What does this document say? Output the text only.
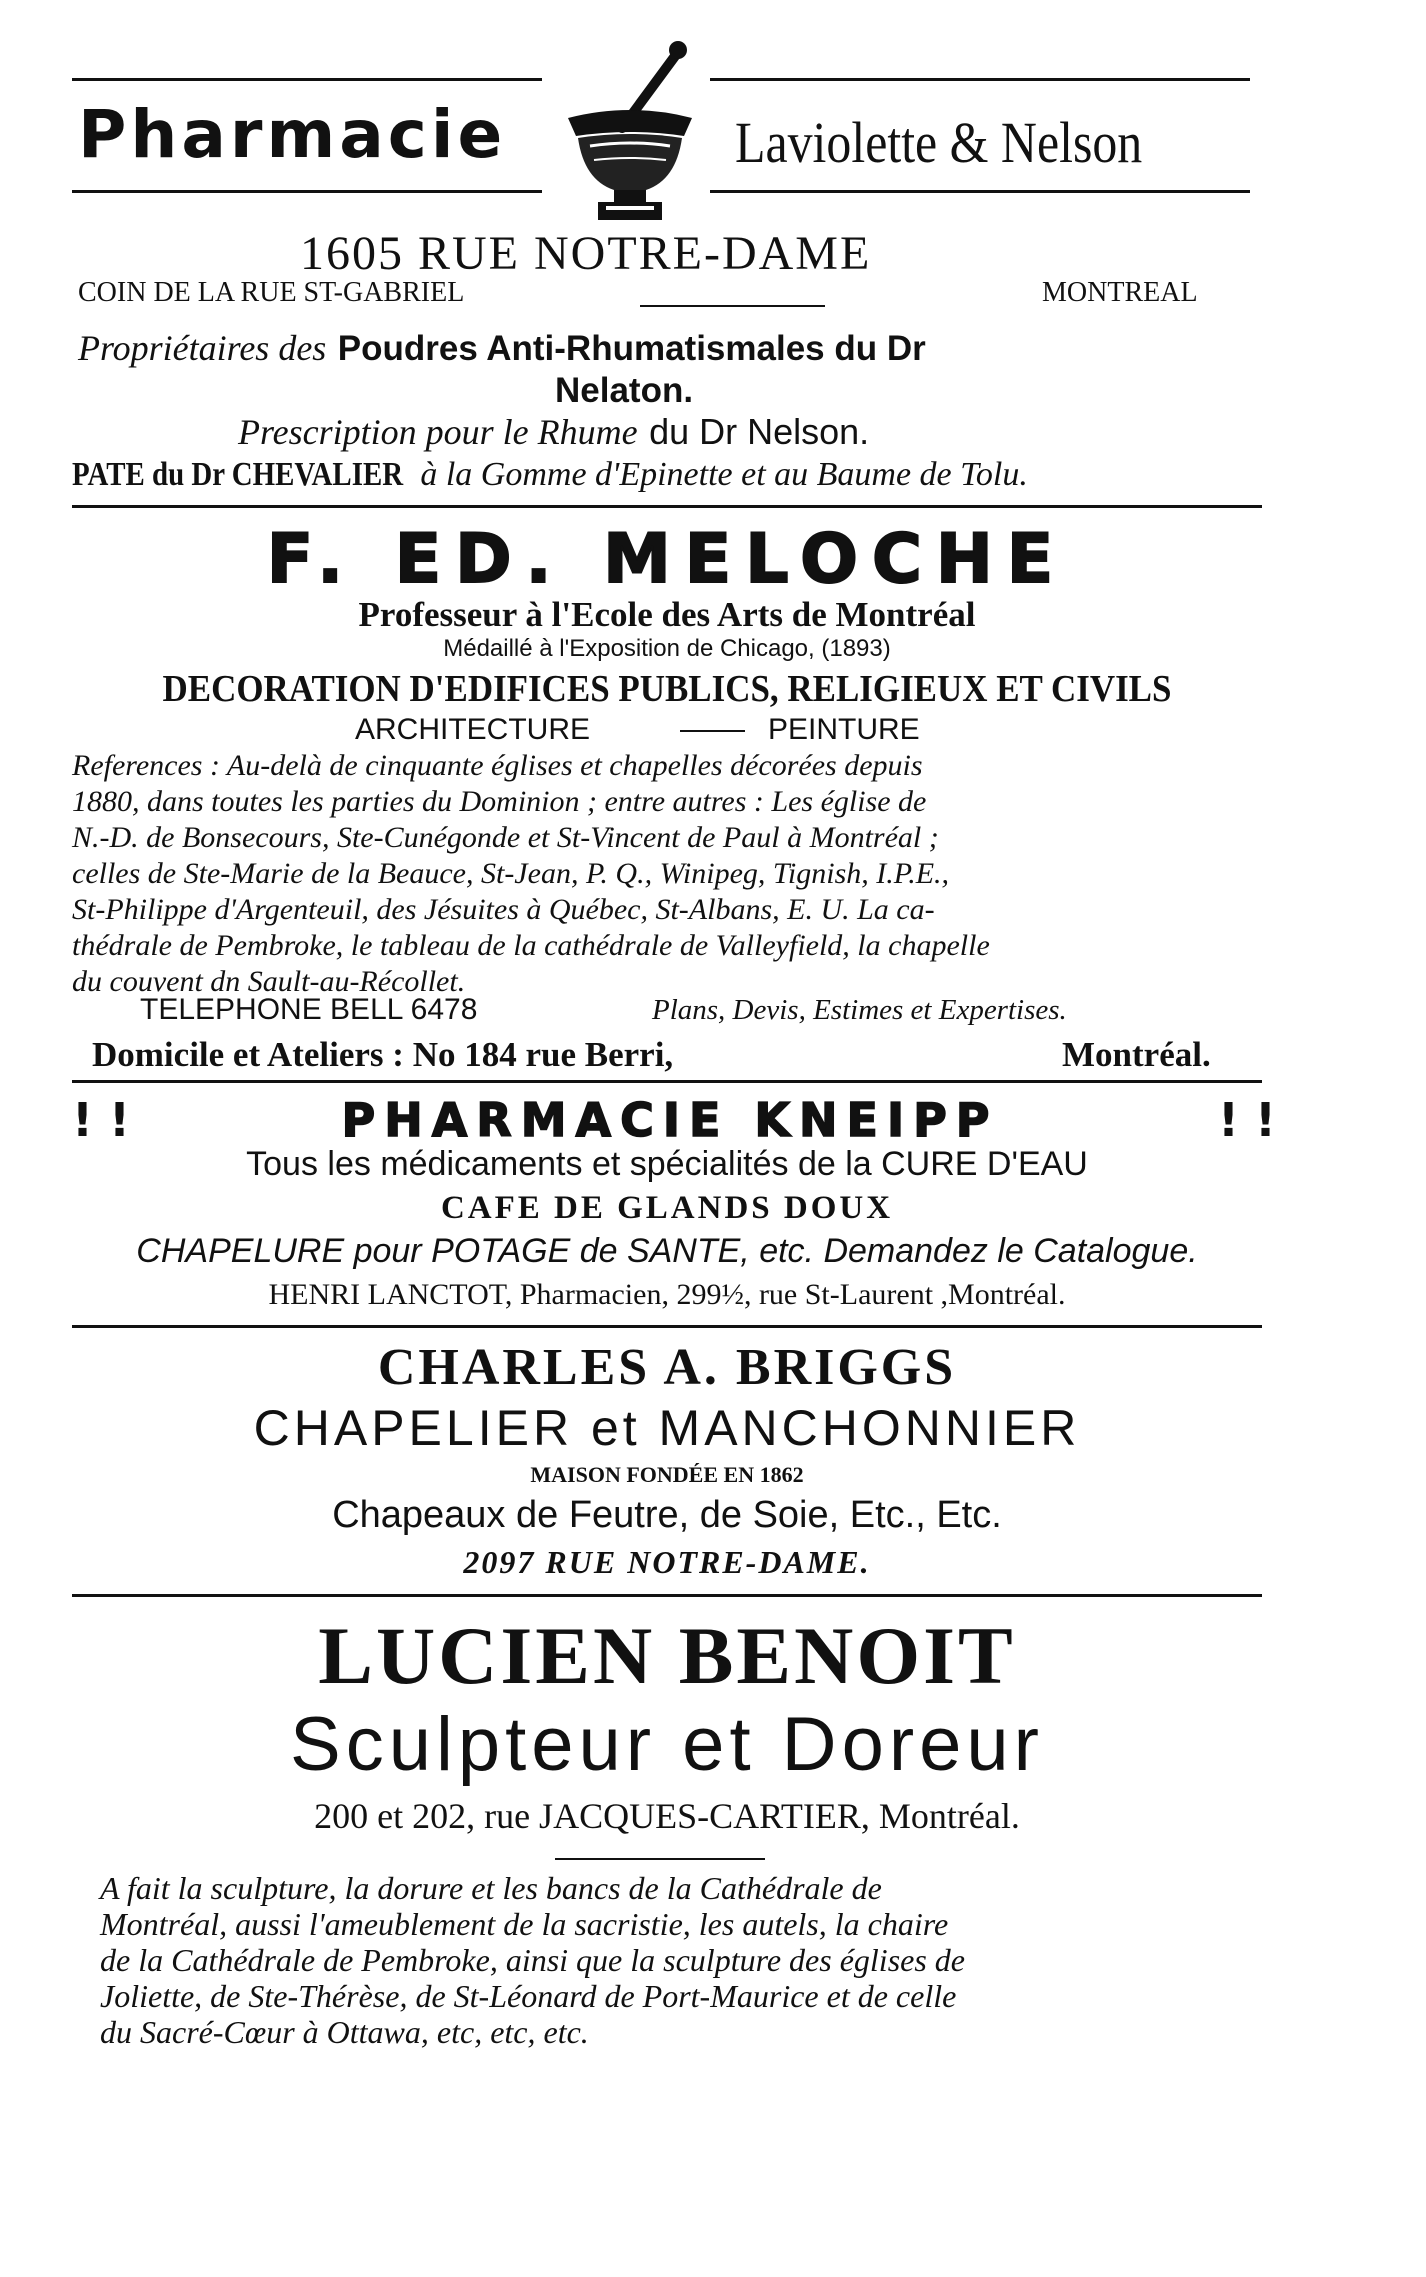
Pharmacie	Laviolette & Nelson
1605 RUE NOTRE-DAME
COIN DE LA RUE ST-GABRIEL	MONTREAL
Propriétaires des Poudres Anti-Rhumatismales du Dr
Nelaton.
Prescription pour le Rhume du Dr Nelson.
PATE du Dr CHEVALIER à la Gomme d'Epinette et au Baume de Tolu.
F. ED. MELOCHE
Professeur à l'Ecole des Arts de Montréal
Médaillé à l'Exposition de Chicago, (1893)
DECORATION D'EDIFICES PUBLICS, RELIGIEUX ET CIVILS
ARCHITECTURE	PEINTURE
References : Au-delà de cinquante églises et chapelles décorées depuis
1880, dans toutes les parties du Dominion ; entre autres : Les église de
N.-D. de Bonsecours, Ste-Cunégonde et St-Vincent de Paul à Montréal ;
celles de Ste-Marie de la Beauce, St-Jean, P. Q., Winipeg, Tignish, I.P.E.,
St-Philippe d'Argenteuil, des Jésuites à Québec, St-Albans, E. U. La ca-
thédrale de Pembroke, le tableau de la cathédrale de Valleyfield, la chapelle
du couvent dn Sault-au-Récollet.
TELEPHONE BELL 6478	Plans, Devis, Estimes et Expertises.
Domicile et Ateliers : No 184 rue Berri,	Montréal.
! !	PHARMACIE KNEIPP	! !
Tous les médicaments et spécialités de la CURE D'EAU
CAFE DE GLANDS DOUX
CHAPELURE pour POTAGE de SANTE, etc. Demandez le Catalogue.
HENRI LANCTOT, Pharmacien, 299½, rue St-Laurent ,Montréal.
CHARLES A. BRIGGS
CHAPELIER et MANCHONNIER
MAISON FONDÉE EN 1862
Chapeaux de Feutre, de Soie, Etc., Etc.
2097 RUE NOTRE-DAME.
LUCIEN BENOIT
Sculpteur et Doreur
200 et 202, rue JACQUES-CARTIER, Montréal.
A fait la sculpture, la dorure et les bancs de la Cathédrale de
Montréal, aussi l'ameublement de la sacristie, les autels, la chaire
de la Cathédrale de Pembroke, ainsi que la sculpture des églises de
Joliette, de Ste-Thérèse, de St-Léonard de Port-Maurice et de celle
du Sacré-Cœur à Ottawa, etc, etc, etc.
